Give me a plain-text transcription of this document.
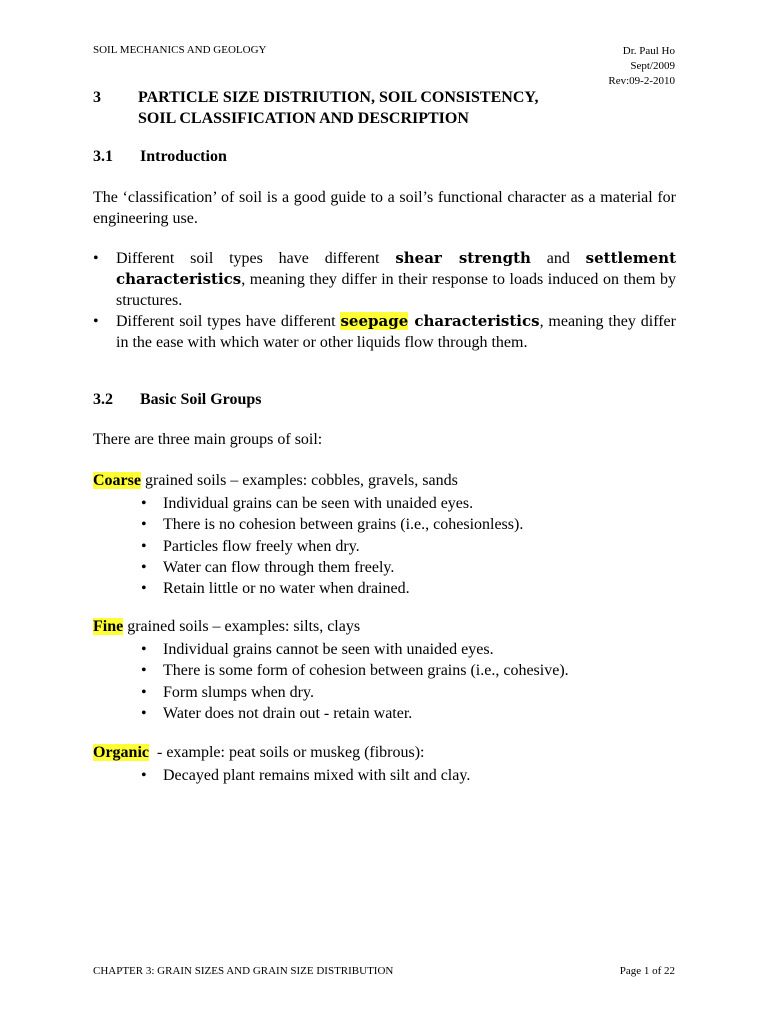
SOIL MECHANICS AND GEOLOGY	Dr. Paul Ho
Sept/2009
Rev:09-2-2010
3 PARTICLE SIZE DISTRIUTION, SOIL CONSISTENCY,
SOIL CLASSIFICATION AND DESCRIPTION
3.1 Introduction
The ‘classification’ of soil is a good guide to a soil’s functional character as a material for engineering use.
• Different soil types have different shear strength and settlement characteristics, meaning they differ in their response to loads induced on them by structures.
• Different soil types have different seepage characteristics, meaning they differ in the ease with which water or other liquids flow through them.
3.2 Basic Soil Groups
There are three main groups of soil:
Coarse grained soils – examples: cobbles, gravels, sands
• Individual grains can be seen with unaided eyes.
• There is no cohesion between grains (i.e., cohesionless).
• Particles flow freely when dry.
• Water can flow through them freely.
• Retain little or no water when drained.
Fine grained soils – examples: silts, clays
• Individual grains cannot be seen with unaided eyes.
• There is some form of cohesion between grains (i.e., cohesive).
• Form slumps when dry.
• Water does not drain out - retain water.
Organic  - example: peat soils or muskeg (fibrous):
• Decayed plant remains mixed with silt and clay.
CHAPTER 3: GRAIN SIZES AND GRAIN SIZE DISTRIBUTION	Page 1 of 22
